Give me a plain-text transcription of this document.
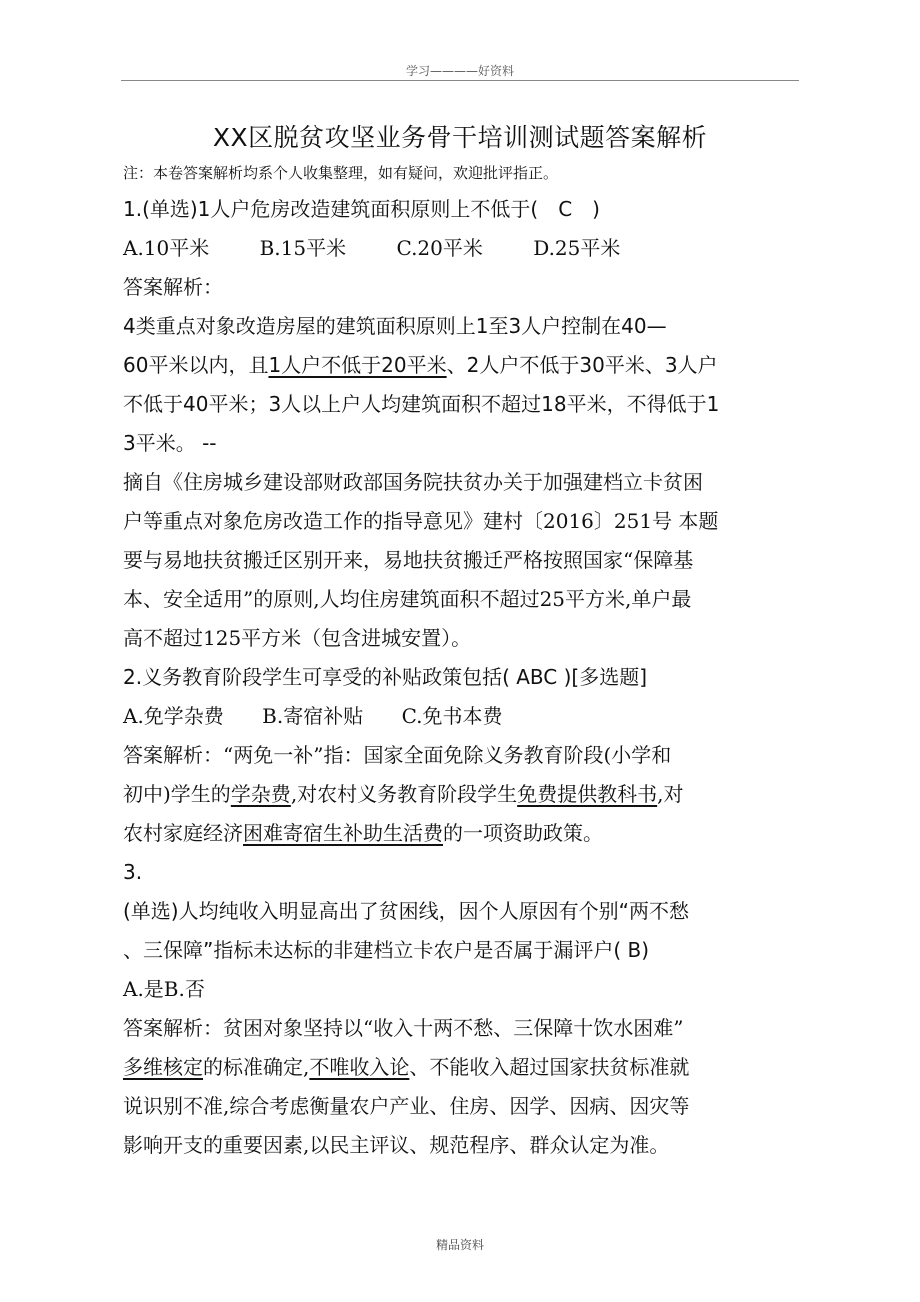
学习————好资料
XX区脱贫攻坚业务骨干培训测试题答案解析
注：本卷答案解析均系个人收集整理，如有疑问，欢迎批评指正。
1.(单选)1人户危房改造建筑面积原则上不低于(　C　)
A.10平米	B.15平米	C.20平米	D.25平米
答案解析：
4类重点对象改造房屋的建筑面积原则上1至3人户控制在40—
60平米以内，且1人户不低于20平米、2人户不低于30平米、3人户
不低于40平米；3人以上户人均建筑面积不超过18平米，不得低于1
3平米。 --
摘自《住房城乡建设部财政部国务院扶贫办关于加强建档立卡贫困
户等重点对象危房改造工作的指导意见》建村〔2016〕251号 本题
要与易地扶贫搬迁区别开来，易地扶贫搬迁严格按照国家“保障基
本、安全适用”的原则,人均住房建筑面积不超过25平方米,单户最
高不超过125平方米（包含进城安置）。
2.义务教育阶段学生可享受的补贴政策包括( ABC )[多选题]
A.免学杂费 B.寄宿补贴 C.免书本费
答案解析：“两免一补”指：国家全面免除义务教育阶段(小学和
初中)学生的学杂费,对农村义务教育阶段学生免费提供教科书,对
农村家庭经济困难寄宿生补助生活费的一项资助政策。
3.
(单选)人均纯收入明显高出了贫困线，因个人原因有个别“两不愁
、三保障”指标未达标的非建档立卡农户是否属于漏评户( B)
A.是B.否
答案解析：贫困对象坚持以“收入十两不愁、三保障十饮水困难”
多维核定的标准确定,不唯收入论、不能收入超过国家扶贫标准就
说识别不准,综合考虑衡量农户产业、住房、因学、因病、因灾等
影响开支的重要因素,以民主评议、规范程序、群众认定为准。
精品资料
